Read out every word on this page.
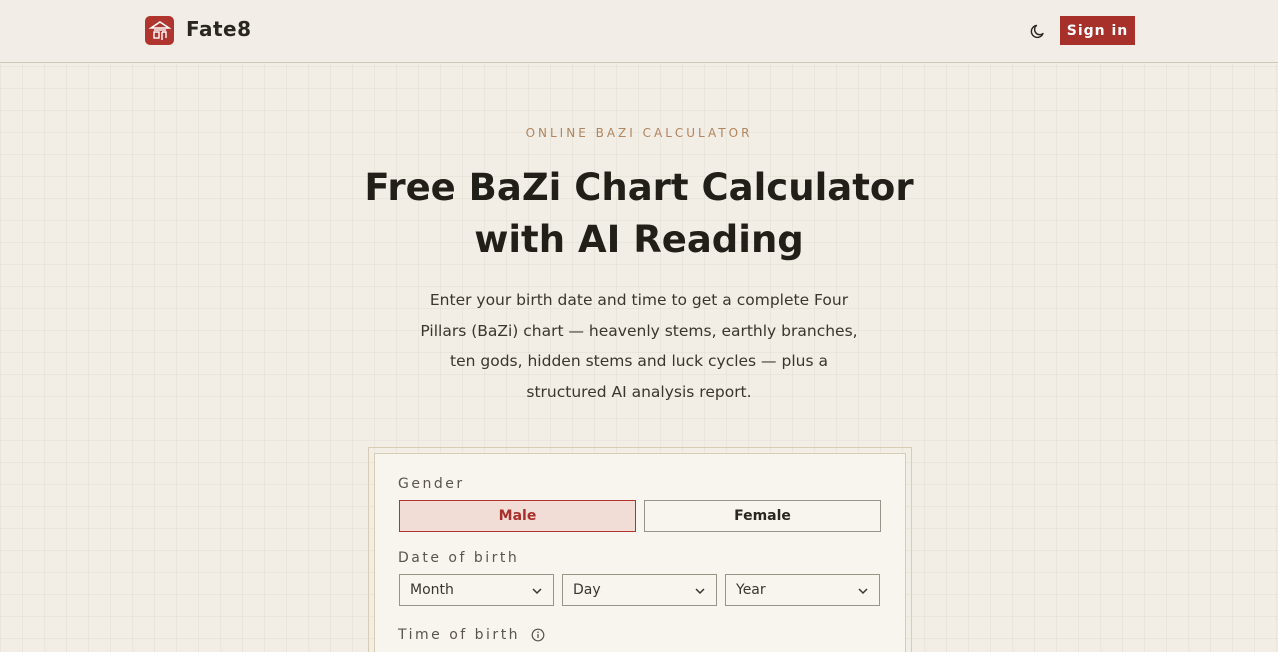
Fate8	Sign in
ONLINE BAZI CALCULATOR
Free BaZi Chart Calculator
with AI Reading
Enter your birth date and time to get a complete Four Pillars (BaZi) chart — heavenly stems, earthly branches, ten gods, hidden stems and luck cycles — plus a structured AI analysis report.
Gender
Male	Female
Date of birth
Month	Day	Year
Time of birth
